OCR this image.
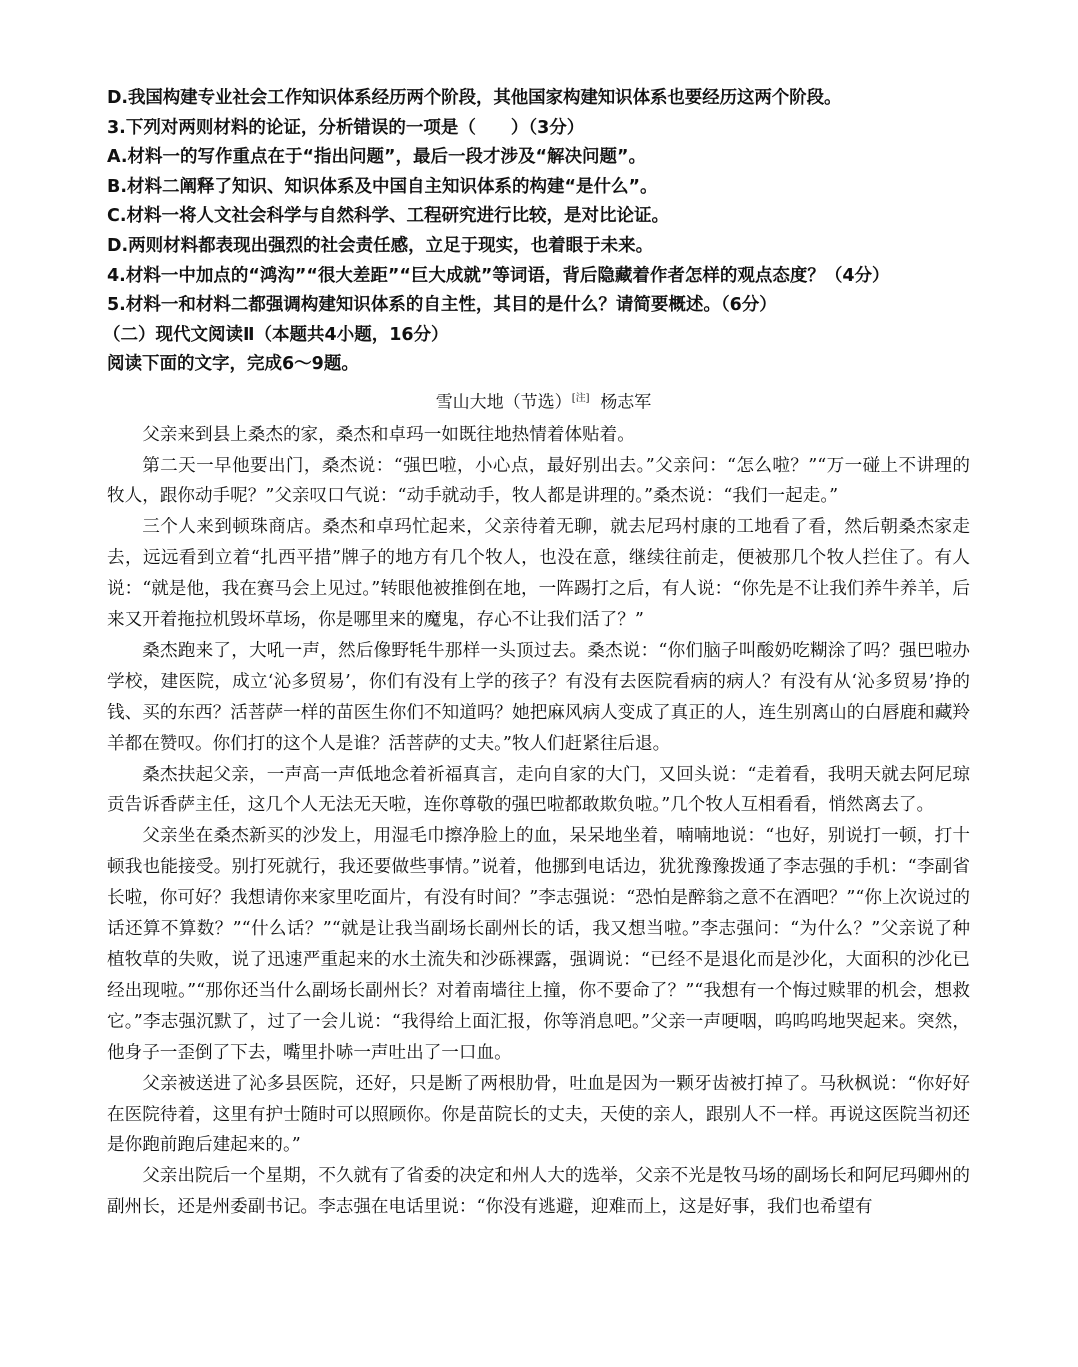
D.我国构建专业社会工作知识体系经历两个阶段，其他国家构建知识体系也要经历这两个阶段。
3.下列对两则材料的论证，分析错误的一项是（　　）（3分）
A.材料一的写作重点在于“指出问题”，最后一段才涉及“解决问题”。
B.材料二阐释了知识、知识体系及中国自主知识体系的构建“是什么”。
C.材料一将人文社会科学与自然科学、工程研究进行比较，是对比论证。
D.两则材料都表现出强烈的社会责任感，立足于现实，也着眼于未来。
4.材料一中加点的“鸿沟”“很大差距”“巨大成就”等词语，背后隐藏着作者怎样的观点态度？（4分）
5.材料一和材料二都强调构建知识体系的自主性，其目的是什么？请简要概述。（6分）
（二）现代文阅读Ⅱ（本题共4小题，16分）
阅读下面的文字，完成6～9题。
雪山大地（节选）[注] 杨志军

父亲来到县上桑杰的家，桑杰和卓玛一如既往地热情着体贴着。

第二天一早他要出门，桑杰说：“强巴啦，小心点，最好别出去。”父亲问：“怎么啦？”“万一碰上不讲理的牧人，跟你动手呢？”父亲叹口气说：“动手就动手，牧人都是讲理的。”桑杰说：“我们一起走。”

三个人来到顿珠商店。桑杰和卓玛忙起来，父亲待着无聊，就去尼玛村康的工地看了看，然后朝桑杰家走去，远远看到立着“扎西平措”牌子的地方有几个牧人，也没在意，继续往前走，便被那几个牧人拦住了。有人说：“就是他，我在赛马会上见过。”转眼他被推倒在地，一阵踢打之后，有人说：“你先是不让我们养牛养羊，后来又开着拖拉机毁坏草场，你是哪里来的魔鬼，存心不让我们活了？”

桑杰跑来了，大吼一声，然后像野牦牛那样一头顶过去。桑杰说：“你们脑子叫酸奶吃糊涂了吗？强巴啦办学校，建医院，成立‘沁多贸易’，你们有没有上学的孩子？有没有去医院看病的病人？有没有从‘沁多贸易’挣的钱、买的东西？活菩萨一样的苗医生你们不知道吗？她把麻风病人变成了真正的人，连生别离山的白唇鹿和藏羚羊都在赞叹。你们打的这个人是谁？活菩萨的丈夫。”牧人们赶紧往后退。

桑杰扶起父亲，一声高一声低地念着祈福真言，走向自家的大门，又回头说：“走着看，我明天就去阿尼琼贡告诉香萨主任，这几个人无法无天啦，连你尊敬的强巴啦都敢欺负啦。”几个牧人互相看看，悄然离去了。

父亲坐在桑杰新买的沙发上，用湿毛巾擦净脸上的血，呆呆地坐着，喃喃地说：“也好，别说打一顿，打十顿我也能接受。别打死就行，我还要做些事情。”说着，他挪到电话边，犹犹豫豫拨通了李志强的手机：“李副省长啦，你可好？我想请你来家里吃面片，有没有时间？”李志强说：“恐怕是醉翁之意不在酒吧？”“你上次说过的话还算不算数？”“什么话？”“就是让我当副场长副州长的话，我又想当啦。”李志强问：“为什么？”父亲说了种植牧草的失败，说了迅速严重起来的水土流失和沙砾裸露，强调说：“已经不是退化而是沙化，大面积的沙化已经出现啦。”“那你还当什么副场长副州长？对着南墙往上撞，你不要命了？”“我想有一个悔过赎罪的机会，想救它。”李志强沉默了，过了一会儿说：“我得给上面汇报，你等消息吧。”父亲一声哽咽，呜呜呜地哭起来。突然，他身子一歪倒了下去，嘴里扑哧一声吐出了一口血。

父亲被送进了沁多县医院，还好，只是断了两根肋骨，吐血是因为一颗牙齿被打掉了。马秋枫说：“你好好在医院待着，这里有护士随时可以照顾你。你是苗院长的丈夫，天使的亲人，跟别人不一样。再说这医院当初还是你跑前跑后建起来的。”

父亲出院后一个星期，不久就有了省委的决定和州人大的选举，父亲不光是牧马场的副场长和阿尼玛卿州的副州长，还是州委副书记。李志强在电话里说：“你没有逃避，迎难而上，这是好事，我们也希望有
